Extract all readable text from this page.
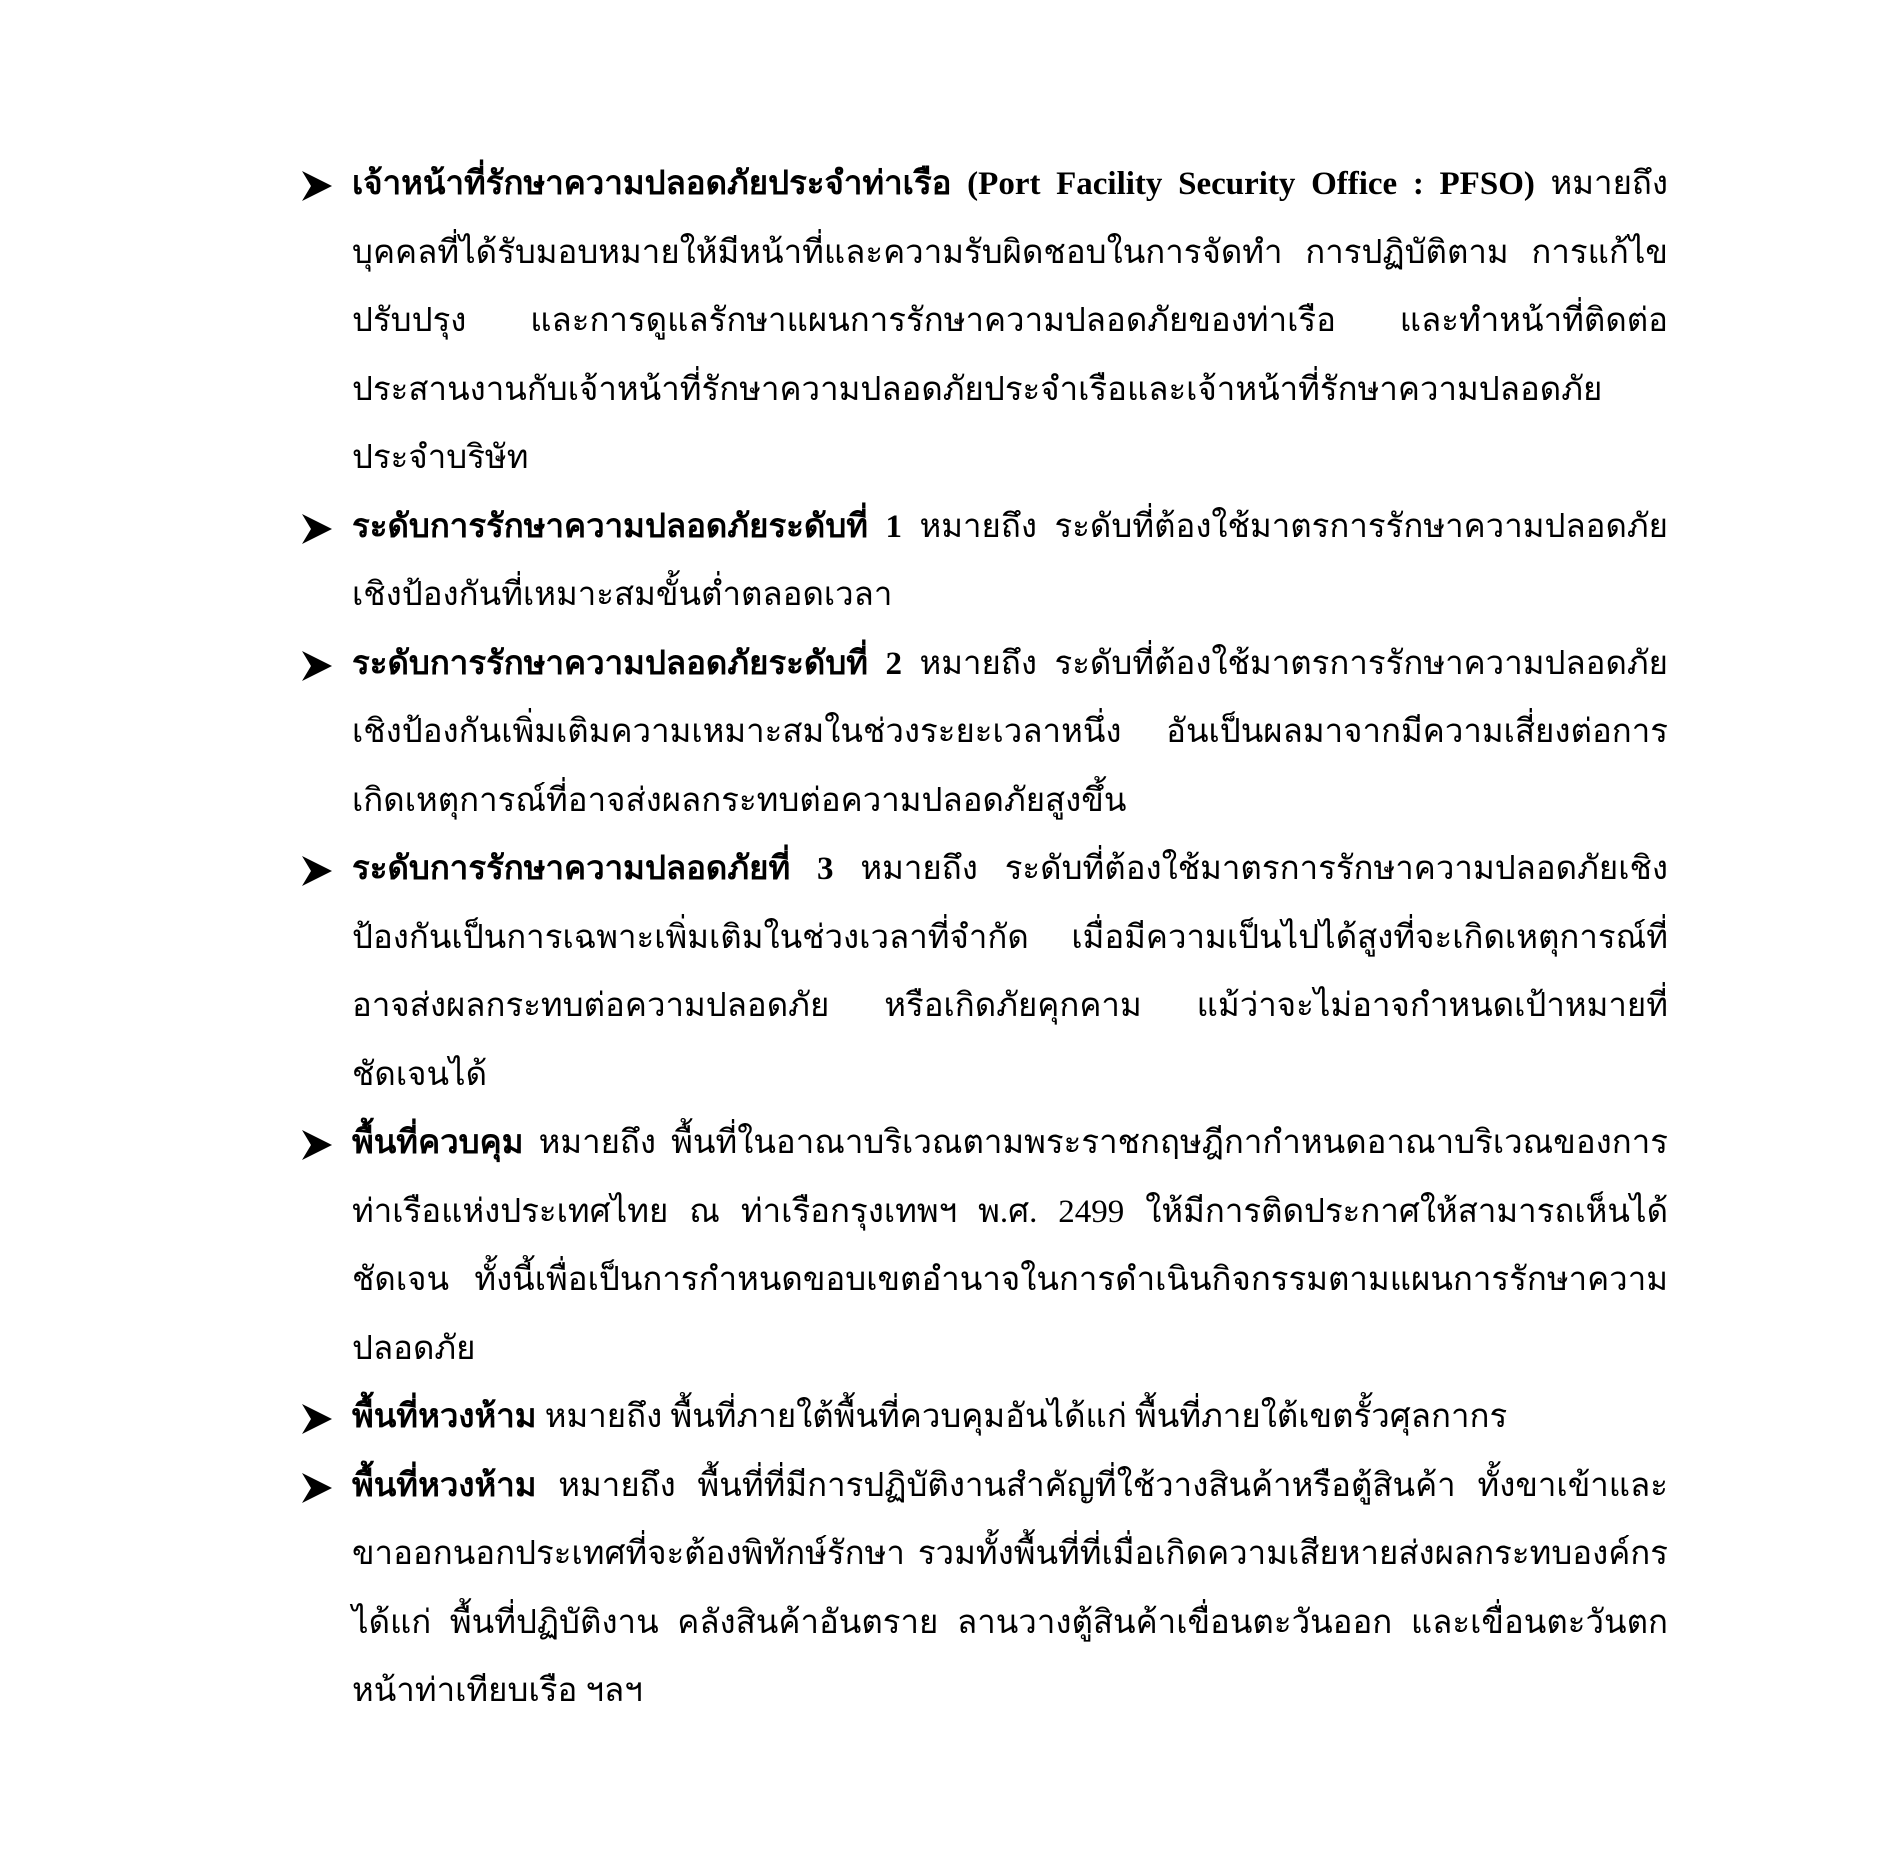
เจ้าหน้าที่รักษาความปลอดภัยประจำท่าเรือ (Port Facility Security Office : PFSO) หมายถึง บุคคลที่ได้รับมอบหมายให้มีหน้าที่และความรับผิดชอบในการจัดทำ การปฏิบัติตาม การแก้ไข ปรับปรุง และการดูแลรักษาแผนการรักษาความปลอดภัยของท่าเรือ และทำหน้าที่ติดต่อประสานงานกับเจ้าหน้าที่รักษาความปลอดภัยประจำเรือและเจ้าหน้าที่รักษาความปลอดภัยประจำบริษัท
ระดับการรักษาความปลอดภัยระดับที่ 1 หมายถึง ระดับที่ต้องใช้มาตรการรักษาความปลอดภัยเชิงป้องกันที่เหมาะสมขั้นต่ำตลอดเวลา
ระดับการรักษาความปลอดภัยระดับที่ 2 หมายถึง ระดับที่ต้องใช้มาตรการรักษาความปลอดภัยเชิงป้องกันเพิ่มเติมความเหมาะสมในช่วงระยะเวลาหนึ่ง อันเป็นผลมาจากมีความเสี่ยงต่อการเกิดเหตุการณ์ที่อาจส่งผลกระทบต่อความปลอดภัยสูงขึ้น
ระดับการรักษาความปลอดภัยที่ 3 หมายถึง ระดับที่ต้องใช้มาตรการรักษาความปลอดภัยเชิงป้องกันเป็นการเฉพาะเพิ่มเติมในช่วงเวลาที่จำกัด เมื่อมีความเป็นไปได้สูงที่จะเกิดเหตุการณ์ที่อาจส่งผลกระทบต่อความปลอดภัย หรือเกิดภัยคุกคาม แม้ว่าจะไม่อาจกำหนดเป้าหมายที่ชัดเจนได้
พื้นที่ควบคุม หมายถึง พื้นที่ในอาณาบริเวณตามพระราชกฤษฎีกากำหนดอาณาบริเวณของการท่าเรือแห่งประเทศไทย ณ ท่าเรือกรุงเทพฯ พ.ศ. 2499 ให้มีการติดประกาศให้สามารถเห็นได้ชัดเจน ทั้งนี้เพื่อเป็นการกำหนดขอบเขตอำนาจในการดำเนินกิจกรรมตามแผนการรักษาความปลอดภัย
พื้นที่หวงห้าม หมายถึง พื้นที่ภายใต้พื้นที่ควบคุมอันได้แก่ พื้นที่ภายใต้เขตรั้วศุลกากร
พื้นที่หวงห้าม หมายถึง พื้นที่ที่มีการปฏิบัติงานสำคัญที่ใช้วางสินค้าหรือตู้สินค้า ทั้งขาเข้าและขาออกนอกประเทศที่จะต้องพิทักษ์รักษา รวมทั้งพื้นที่ที่เมื่อเกิดความเสียหายส่งผลกระทบองค์กร ได้แก่ พื้นที่ปฏิบัติงาน คลังสินค้าอันตราย ลานวางตู้สินค้าเขื่อนตะวันออก และเขื่อนตะวันตก หน้าท่าเทียบเรือ ฯลฯ
